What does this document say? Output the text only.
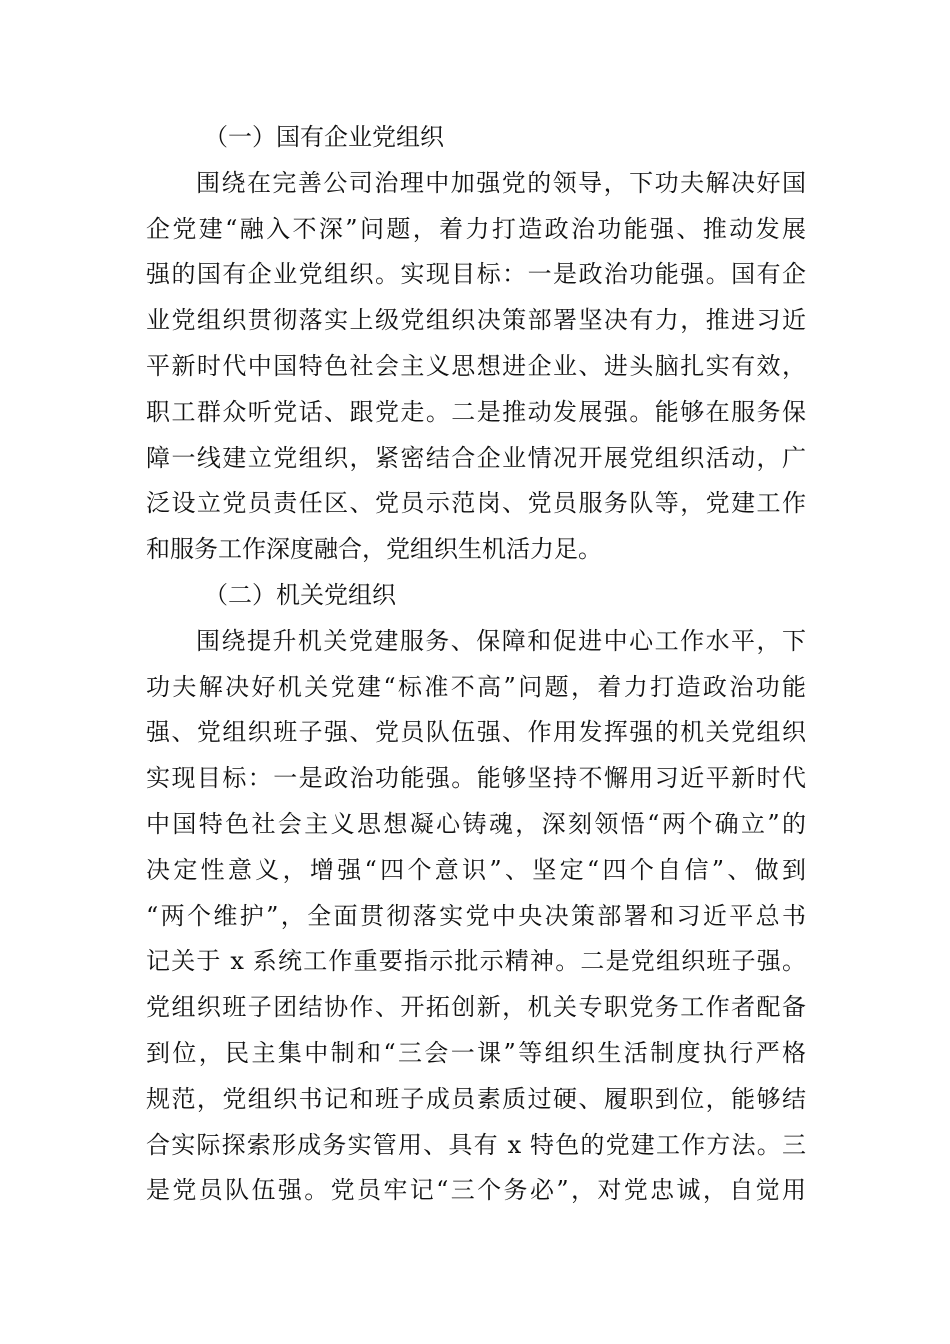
（一）国有企业党组织
围绕在完善公司治理中加强党的领导，下功夫解决好国
企党建“融入不深”问题，着力打造政治功能强、推动发展
强的国有企业党组织。实现目标：一是政治功能强。国有企
业党组织贯彻落实上级党组织决策部署坚决有力，推进习近
平新时代中国特色社会主义思想进企业、进头脑扎实有效，
职工群众听党话、跟党走。二是推动发展强。能够在服务保
障一线建立党组织，紧密结合企业情况开展党组织活动，广
泛设立党员责任区、党员示范岗、党员服务队等，党建工作
和服务工作深度融合，党组织生机活力足。
（二）机关党组织
围绕提升机关党建服务、保障和促进中心工作水平，下
功夫解决好机关党建“标准不高”问题，着力打造政治功能
强、党组织班子强、党员队伍强、作用发挥强的机关党组织
实现目标：一是政治功能强。能够坚持不懈用习近平新时代
中国特色社会主义思想凝心铸魂，深刻领悟“两个确立”的
决定性意义，增强“四个意识”、坚定“四个自信”、做到
“两个维护”，全面贯彻落实党中央决策部署和习近平总书
记关于 x 系统工作重要指示批示精神。二是党组织班子强。
党组织班子团结协作、开拓创新，机关专职党务工作者配备
到位，民主集中制和“三会一课”等组织生活制度执行严格
规范，党组织书记和班子成员素质过硬、履职到位，能够结
合实际探索形成务实管用、具有 x 特色的党建工作方法。三
是党员队伍强。党员牢记“三个务必”，对党忠诚，自觉用
